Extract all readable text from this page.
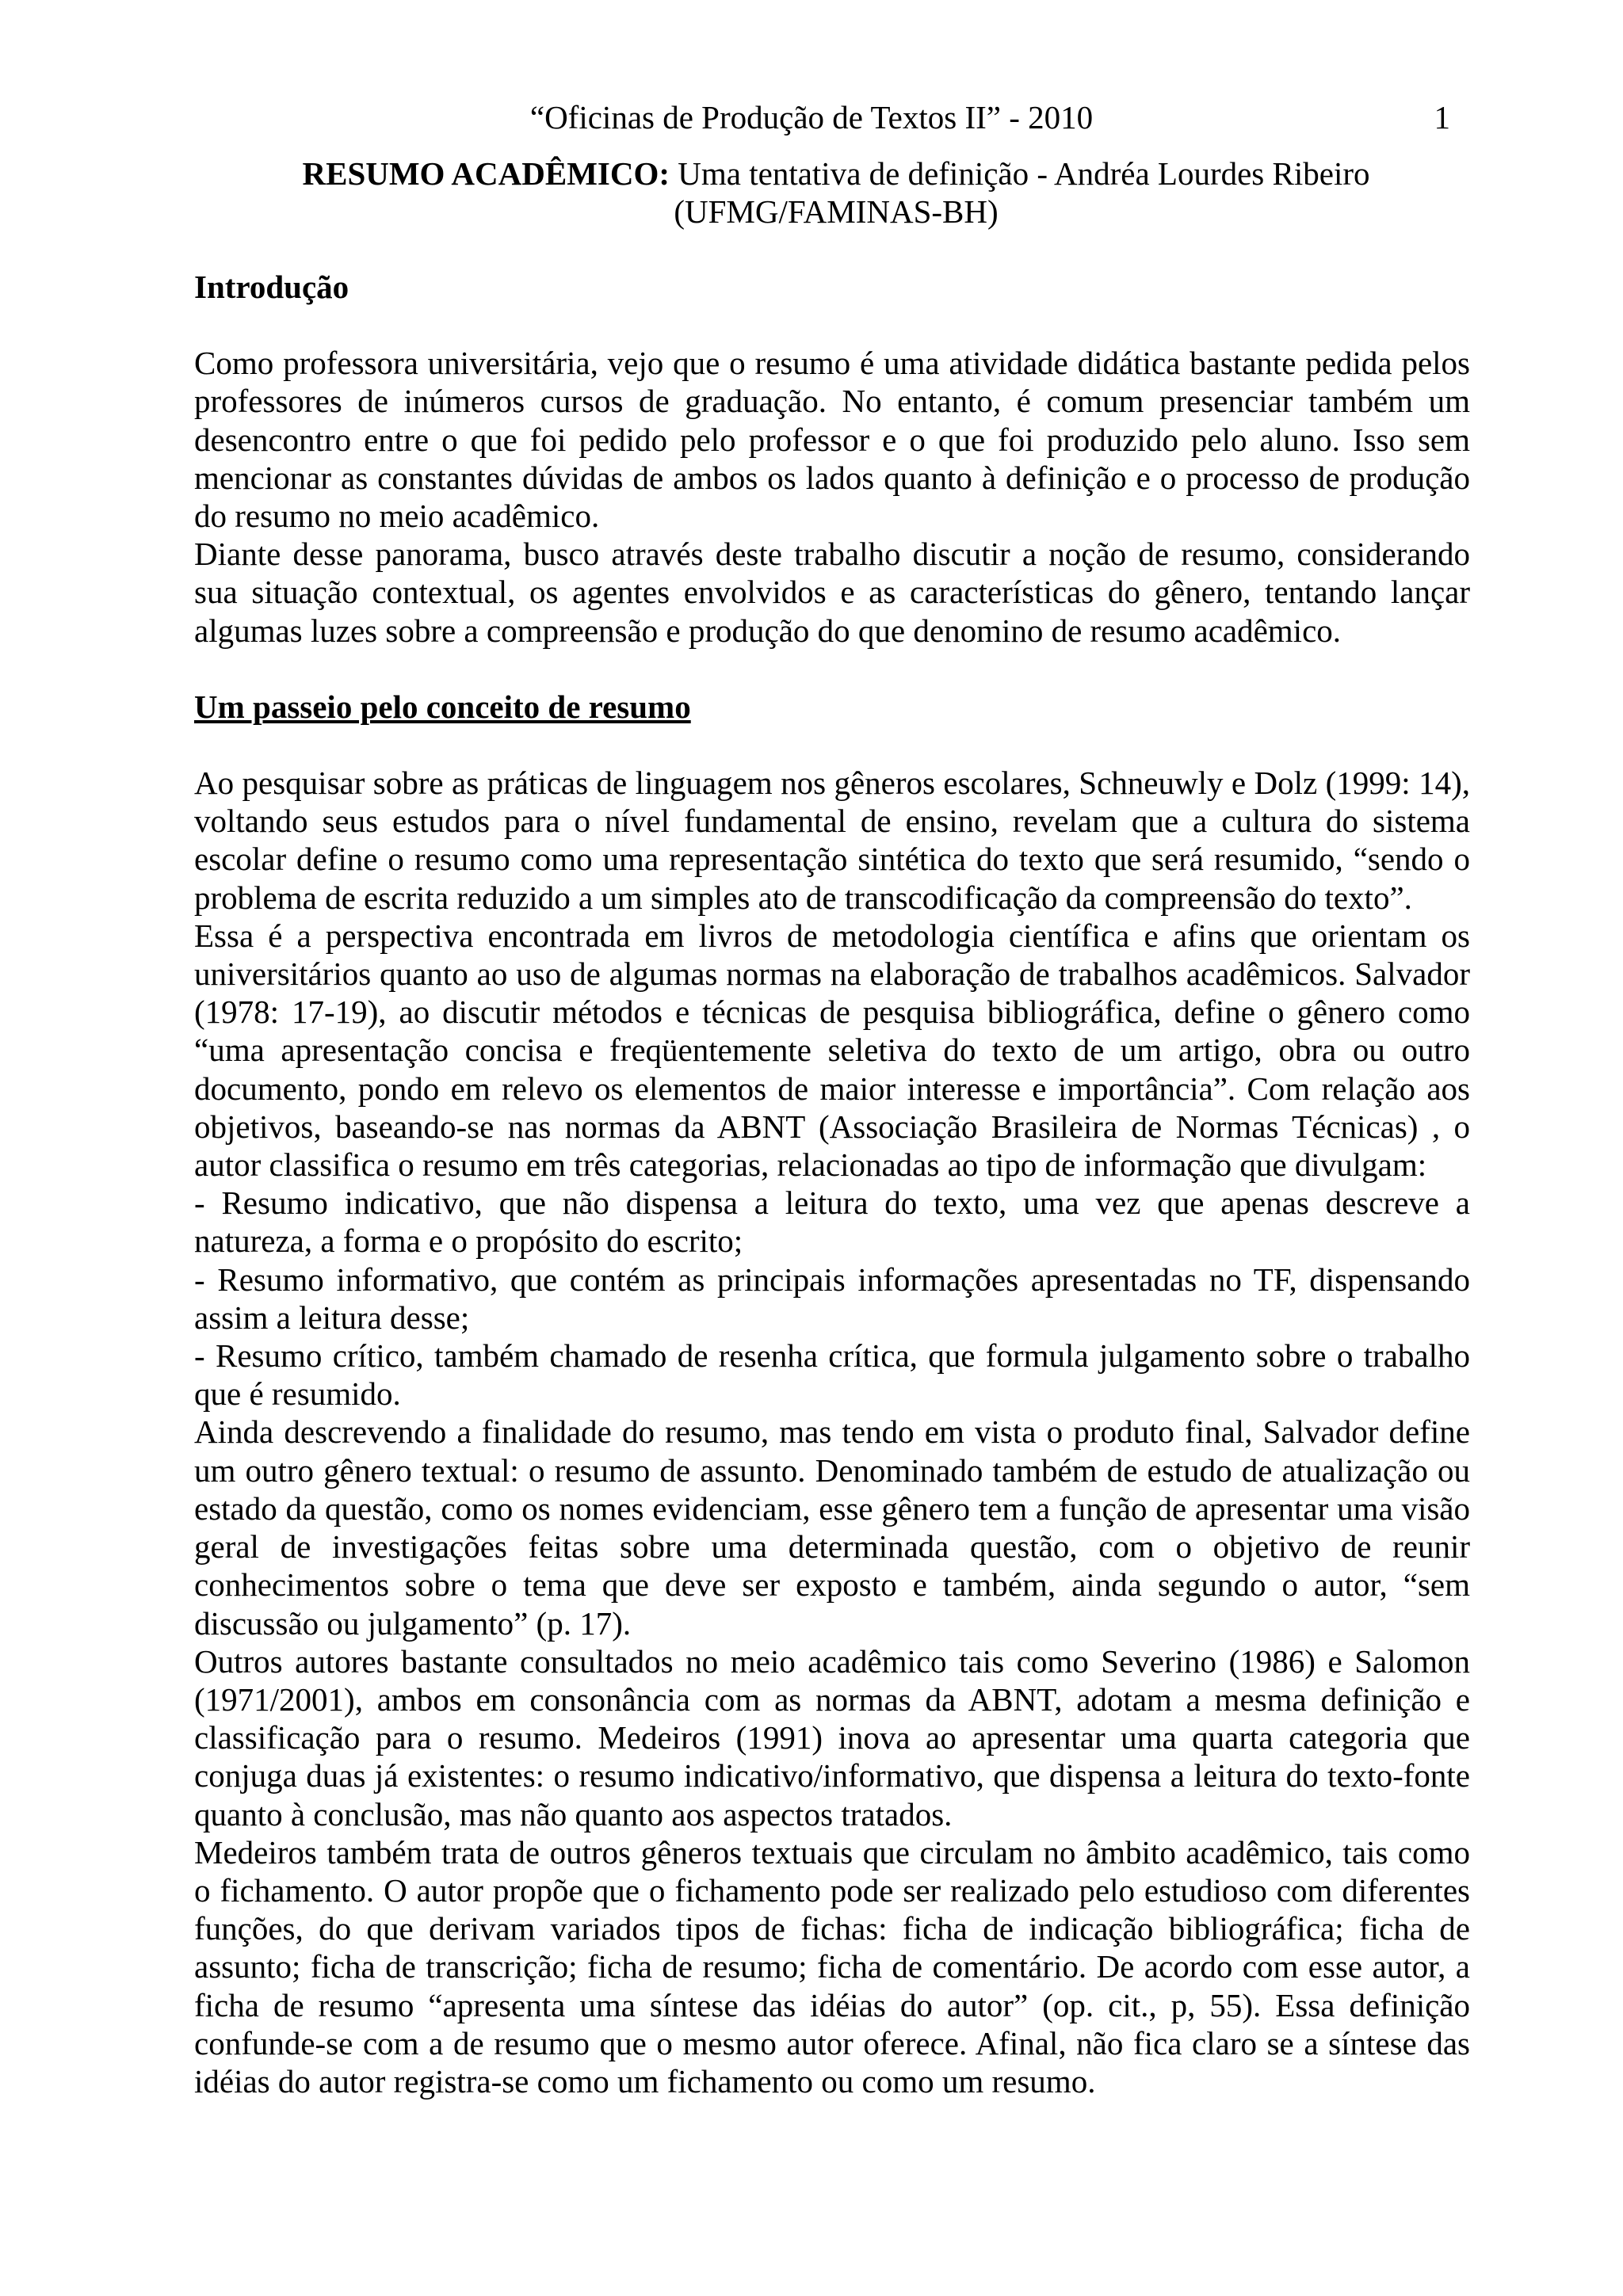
“Oficinas de Produção de Textos II” - 2010	1
RESUMO ACADÊMICO: Uma tentativa de definição - Andréa Lourdes Ribeiro (UFMG/FAMINAS-BH)

Introdução

Como professora universitária, vejo que o resumo é uma atividade didática bastante pedida pelos professores de inúmeros cursos de graduação. No entanto, é comum presenciar também um desencontro entre o que foi pedido pelo professor e o que foi produzido pelo aluno. Isso sem mencionar as constantes dúvidas de ambos os lados quanto à definição e o processo de produção do resumo no meio acadêmico.

Diante desse panorama, busco através deste trabalho discutir a noção de resumo, considerando sua situação contextual, os agentes envolvidos e as características do gênero, tentando lançar algumas luzes sobre a compreensão e produção do que denomino de resumo acadêmico.

Um passeio pelo conceito de resumo

Ao pesquisar sobre as práticas de linguagem nos gêneros escolares, Schneuwly e Dolz (1999: 14), voltando seus estudos para o nível fundamental de ensino, revelam que a cultura do sistema escolar define o resumo como uma representação sintética do texto que será resumido, “sendo o problema de escrita reduzido a um simples ato de transcodificação da compreensão do texto”.

Essa é a perspectiva encontrada em livros de metodologia científica e afins que orientam os universitários quanto ao uso de algumas normas na elaboração de trabalhos acadêmicos. Salvador (1978: 17-19), ao discutir métodos e técnicas de pesquisa bibliográfica, define o gênero como “uma apresentação concisa e freqüentemente seletiva do texto de um artigo, obra ou outro documento, pondo em relevo os elementos de maior interesse e importância”. Com relação aos objetivos, baseando-se nas normas da ABNT (Associação Brasileira de Normas Técnicas) , o autor classifica o resumo em três categorias, relacionadas ao tipo de informação que divulgam:

- Resumo indicativo, que não dispensa a leitura do texto, uma vez que apenas descreve a natureza, a forma e o propósito do escrito;

- Resumo informativo, que contém as principais informações apresentadas no TF, dispensando assim a leitura desse;

- Resumo crítico, também chamado de resenha crítica, que formula julgamento sobre o trabalho que é resumido.

Ainda descrevendo a finalidade do resumo, mas tendo em vista o produto final, Salvador define um outro gênero textual: o resumo de assunto. Denominado também de estudo de atualização ou estado da questão, como os nomes evidenciam, esse gênero tem a função de apresentar uma visão geral de investigações feitas sobre uma determinada questão, com o objetivo de reunir conhecimentos sobre o tema que deve ser exposto e também, ainda segundo o autor, “sem discussão ou julgamento” (p. 17).

Outros autores bastante consultados no meio acadêmico tais como Severino (1986) e Salomon (1971/2001), ambos em consonância com as normas da ABNT, adotam a mesma definição e classificação para o resumo. Medeiros (1991) inova ao apresentar uma quarta categoria que conjuga duas já existentes: o resumo indicativo/informativo, que dispensa a leitura do texto-fonte quanto à conclusão, mas não quanto aos aspectos tratados.

Medeiros também trata de outros gêneros textuais que circulam no âmbito acadêmico, tais como o fichamento. O autor propõe que o fichamento pode ser realizado pelo estudioso com diferentes funções, do que derivam variados tipos de fichas: ficha de indicação bibliográfica; ficha de assunto; ficha de transcrição; ficha de resumo; ficha de comentário. De acordo com esse autor, a ficha de resumo “apresenta uma síntese das idéias do autor” (op. cit., p, 55). Essa definição confunde-se com a de resumo que o mesmo autor oferece. Afinal, não fica claro se a síntese das idéias do autor registra-se como um fichamento ou como um resumo.
